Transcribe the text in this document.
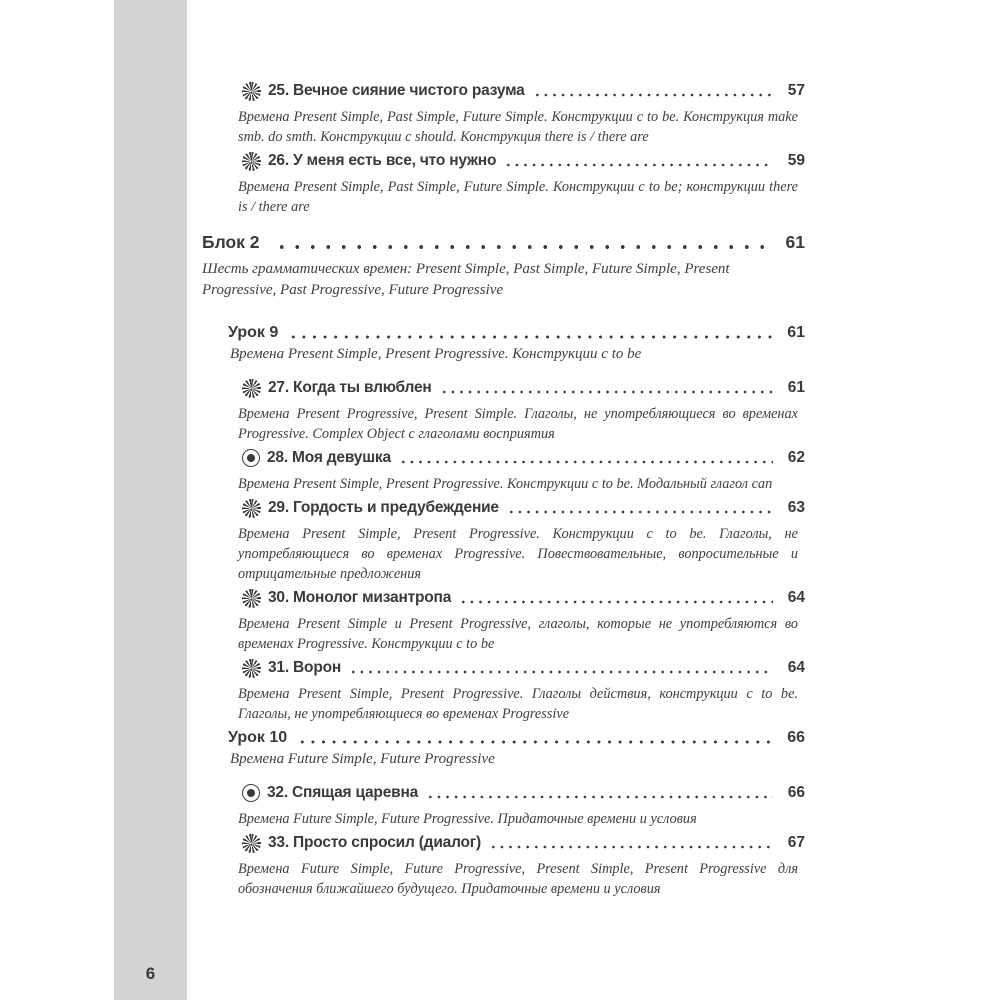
6
25. Вечное сияние чистого разума	57
Времена Present Simple, Past Simple, Future Simple. Конструкции с to be. Конструкция make smb. do smth. Конструкции с should. Конструкция there is / there are
26. У меня есть все, что нужно	59
Времена Present Simple, Past Simple, Future Simple. Конструкции с to be; конструкции there is / there are
Блок 2	61
Шесть грамматических времен: Present Simple, Past Simple, Future Simple, Present Progressive, Past Progressive, Future Progressive
Урок 9	61
Времена Present Simple, Present Progressive. Конструкции с to be
27. Когда ты влюблен	61
Времена Present Progressive, Present Simple. Глаголы, не употребляющиеся во временах Progressive. Complex Object с глаголами восприятия
28. Моя девушка	62
Времена Present Simple, Present Progressive. Конструкции с to be. Модальный глагол can
29. Гордость и предубеждение	63
Времена Present Simple, Present Progressive. Конструкции с to be. Глаголы, не употребляющиеся во временах Progressive. Повествовательные, вопросительные и отрицательные предложения
30. Монолог мизантропа	64
Времена Present Simple и Present Progressive, глаголы, которые не употребляются во временах Progressive. Конструкции с to be
31. Ворон	64
Времена Present Simple, Present Progressive. Глаголы действия, конструкции с to be. Глаголы, не употребляющиеся во временах Progressive
Урок 10	66
Времена Future Simple, Future Progressive
32. Спящая царевна	66
Времена Future Simple, Future Progressive. Придаточные времени и условия
33. Просто спросил (диалог)	67
Времена Future Simple, Future Progressive, Present Simple, Present Progressive для обозначения ближайшего будущего. Придаточные времени и условия
